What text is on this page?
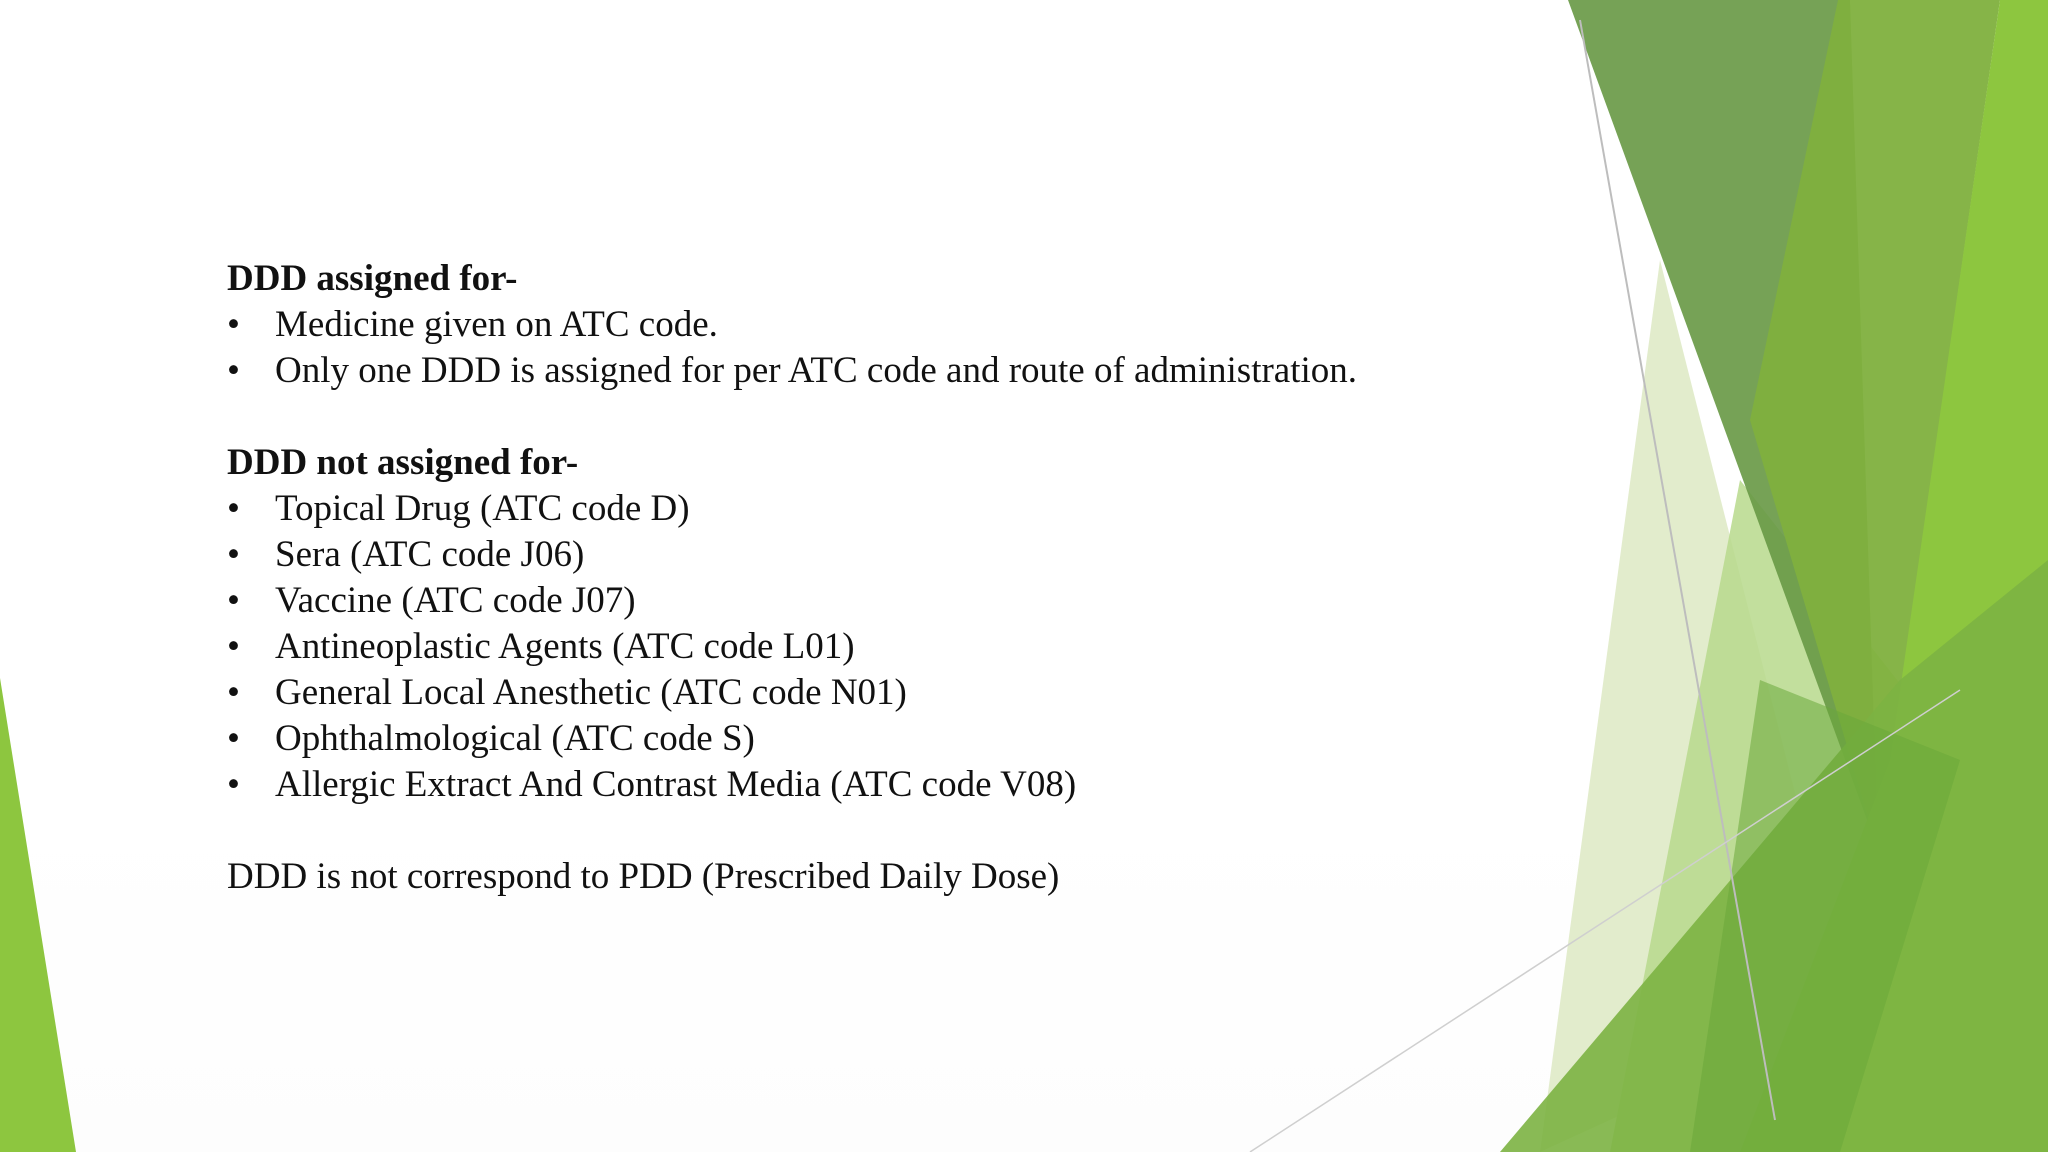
DDD assigned for-

• Medicine given on ATC code.
• Only one DDD is assigned for per ATC code and route of administration.

DDD not assigned for-

• Topical Drug (ATC code D)
• Sera (ATC code J06)
• Vaccine (ATC code J07)
• Antineoplastic Agents (ATC code L01)
• General Local Anesthetic (ATC code N01)
• Ophthalmological (ATC code S)
• Allergic Extract And Contrast Media (ATC code V08)

DDD is not correspond to PDD (Prescribed Daily Dose)
